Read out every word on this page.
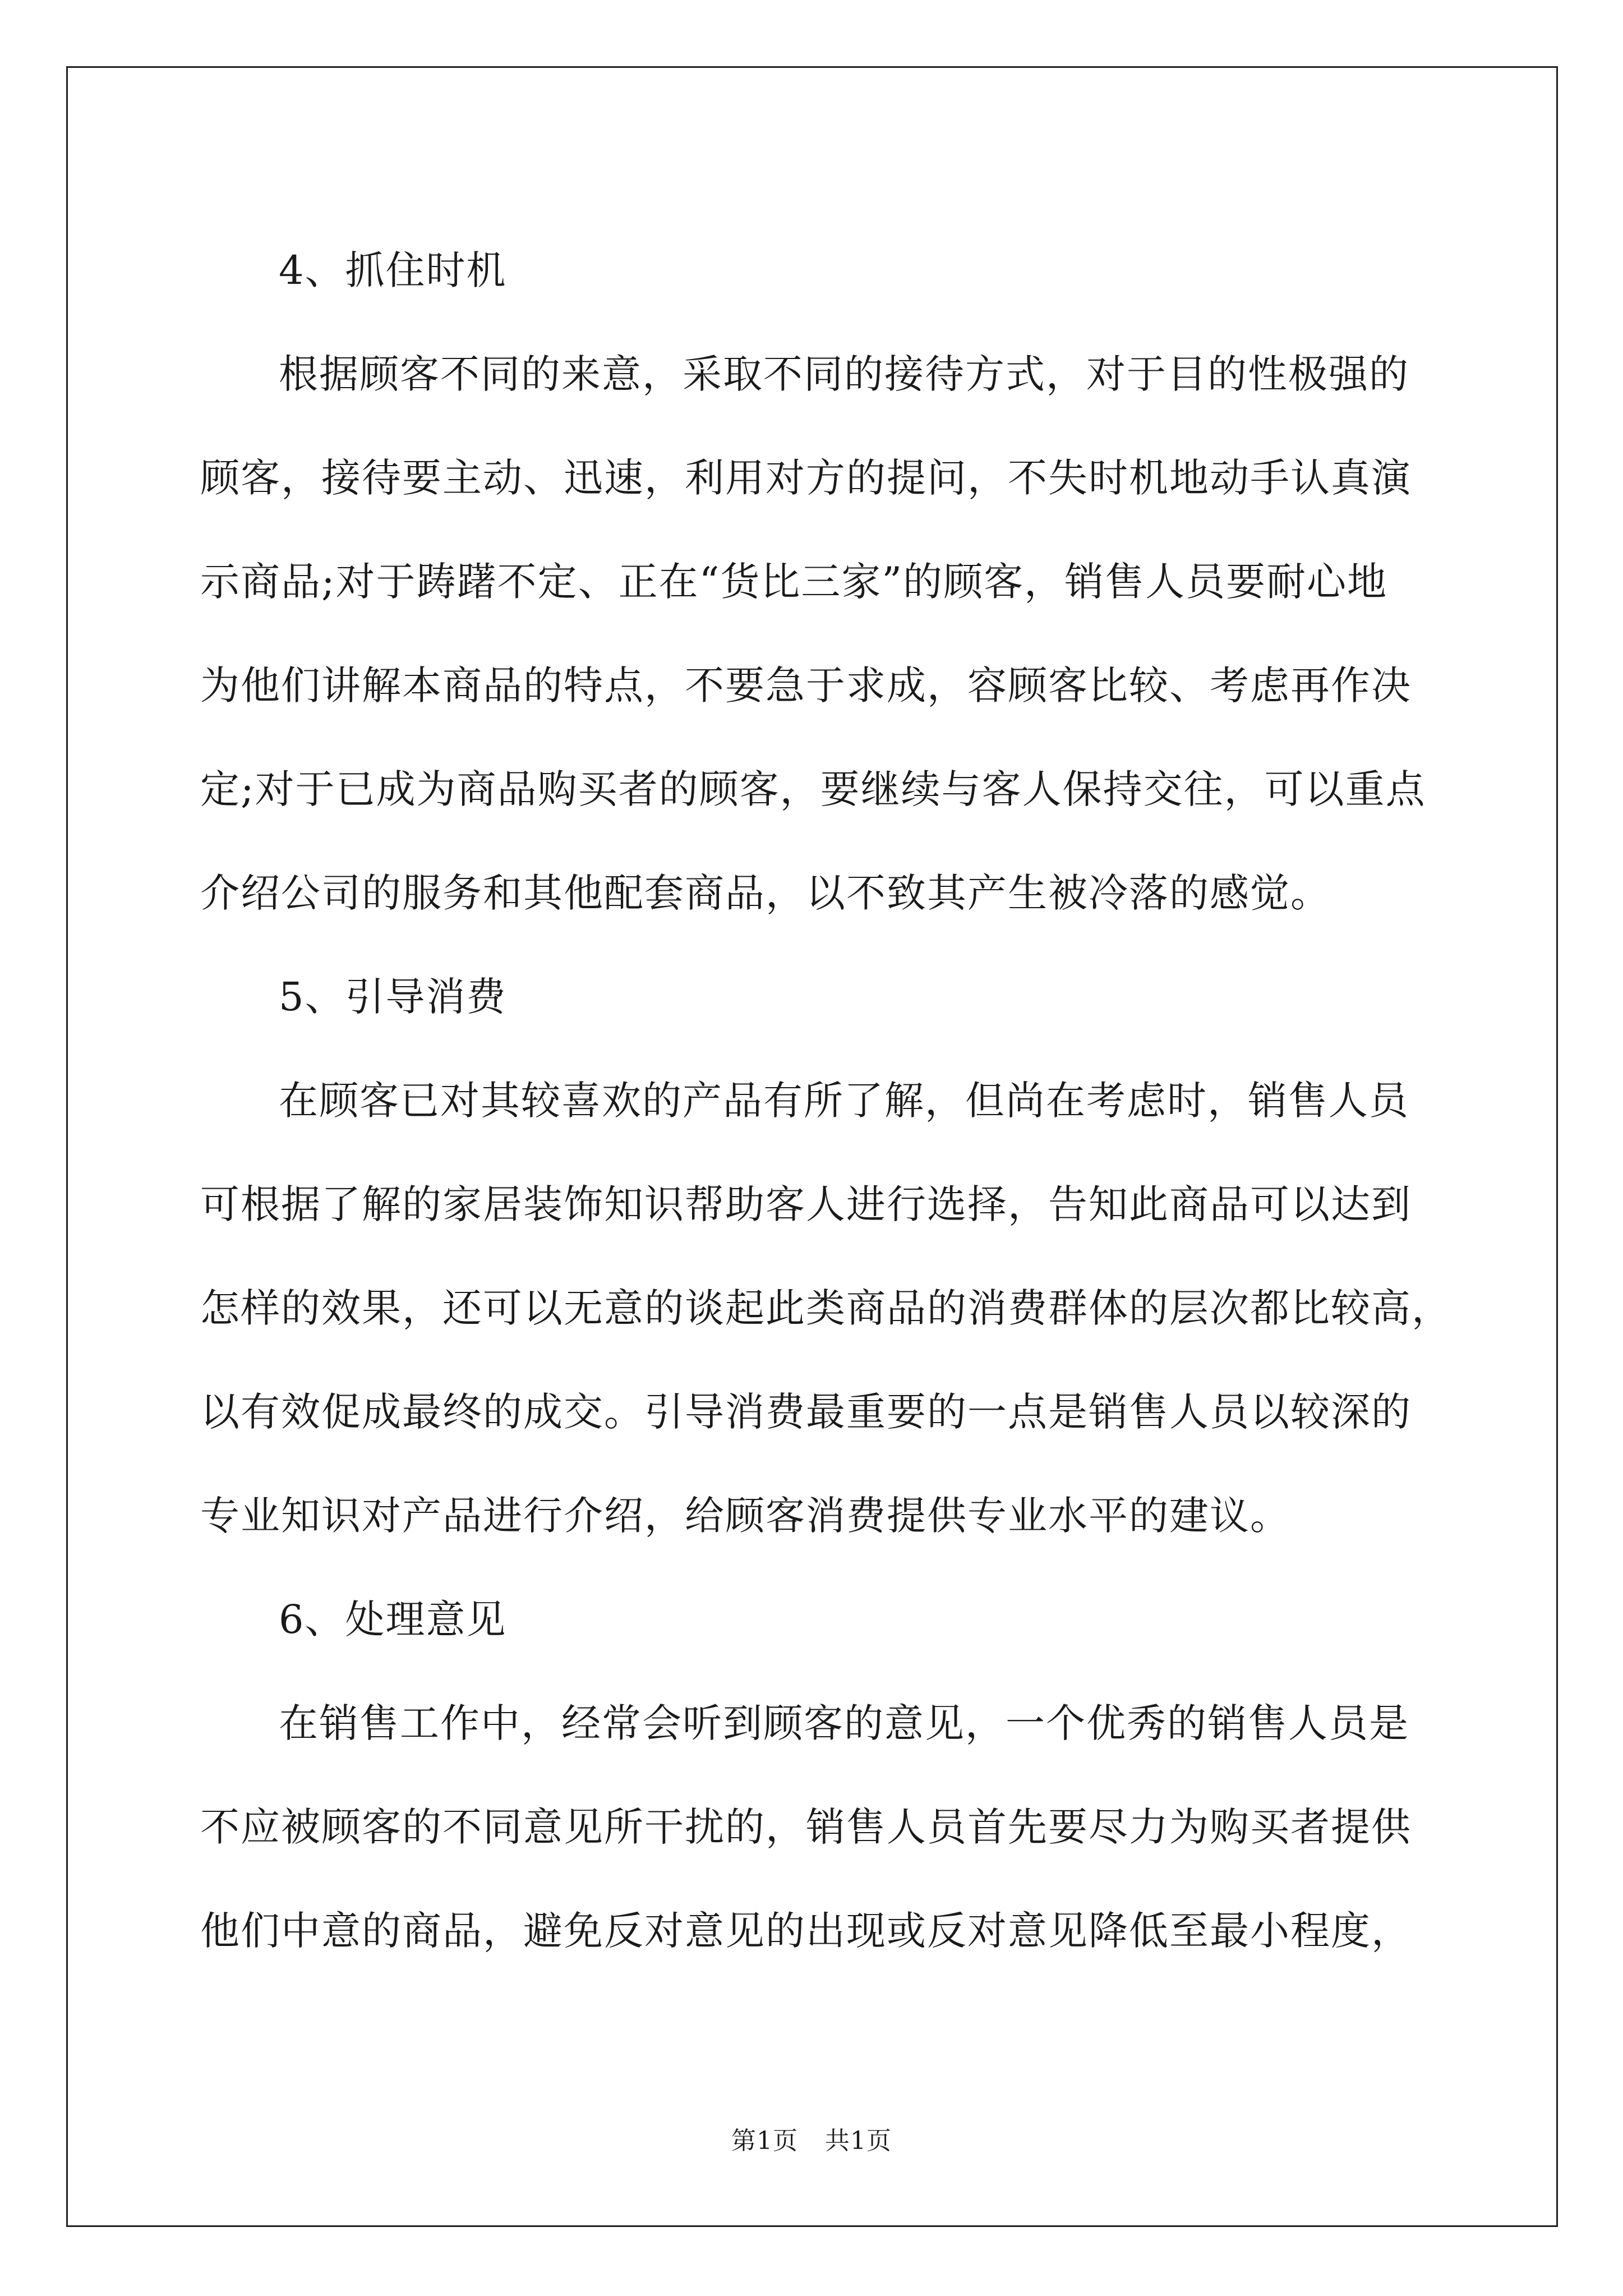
4、抓住时机
根据顾客不同的来意，采取不同的接待方式，对于目的性极强的
顾客，接待要主动、迅速，利用对方的提问，不失时机地动手认真演
示商品;对于踌躇不定、正在“货比三家”的顾客，销售人员要耐心地
为他们讲解本商品的特点，不要急于求成，容顾客比较、考虑再作决
定;对于已成为商品购买者的顾客，要继续与客人保持交往，可以重点
介绍公司的服务和其他配套商品，以不致其产生被冷落的感觉。
5、引导消费
在顾客已对其较喜欢的产品有所了解，但尚在考虑时，销售人员
可根据了解的家居装饰知识帮助客人进行选择，告知此商品可以达到
怎样的效果，还可以无意的谈起此类商品的消费群体的层次都比较高，
以有效促成最终的成交。引导消费最重要的一点是销售人员以较深的
专业知识对产品进行介绍，给顾客消费提供专业水平的建议。
6、处理意见
在销售工作中，经常会听到顾客的意见，一个优秀的销售人员是
不应被顾客的不同意见所干扰的，销售人员首先要尽力为购买者提供
他们中意的商品，避免反对意见的出现或反对意见降低至最小程度，
第1页 共1页
